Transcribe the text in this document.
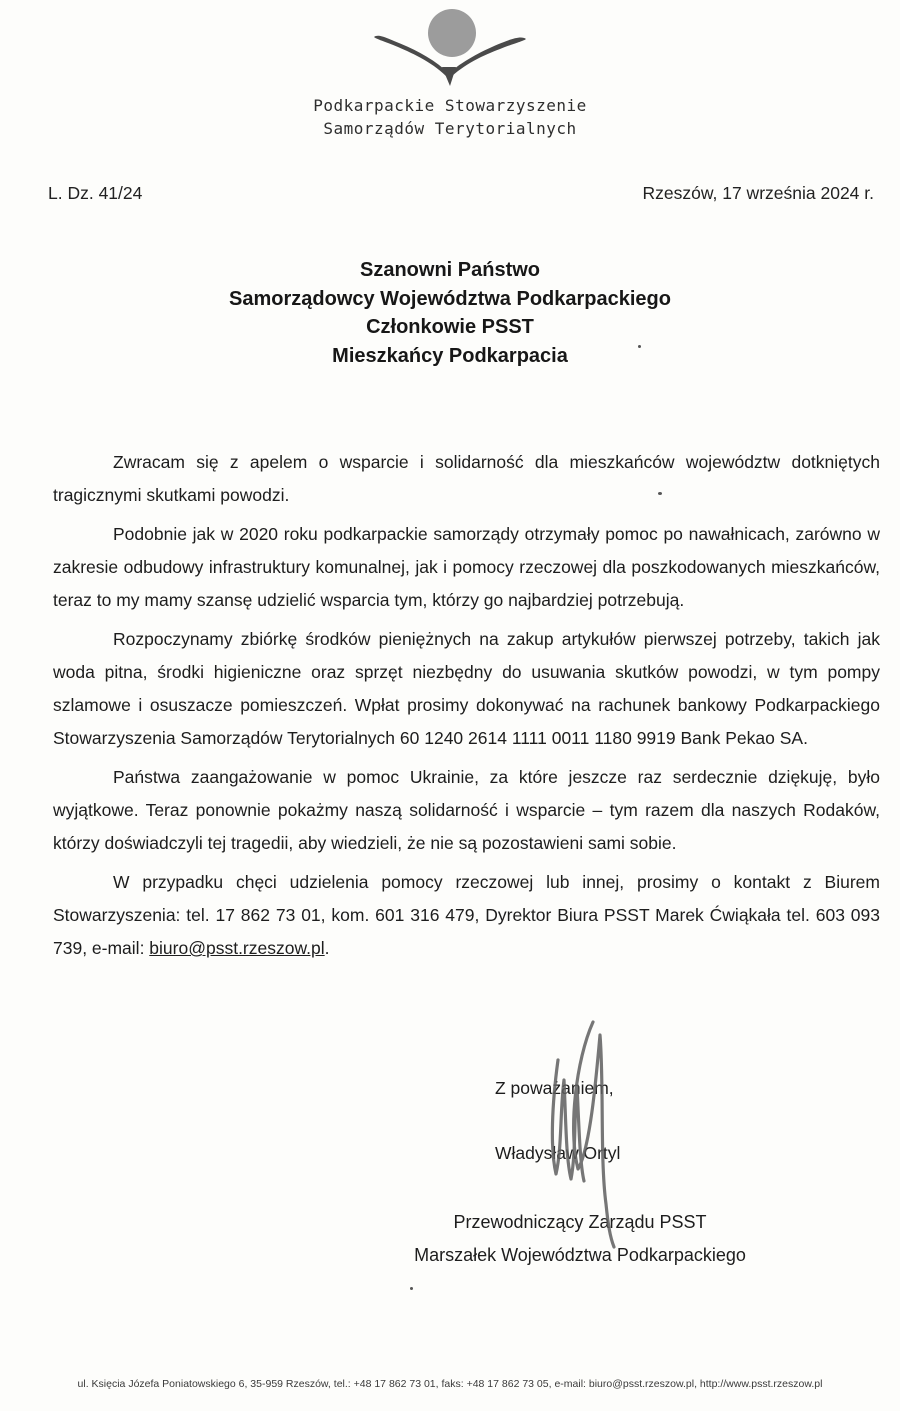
Podkarpackie Stowarzyszenie
Samorządów Terytorialnych
L. Dz. 41/24	Rzeszów, 17 września 2024 r.
Szanowni Państwo
Samorządowcy Województwa Podkarpackiego
Członkowie PSST
Mieszkańcy Podkarpacia

Zwracam się z apelem o wsparcie i solidarność dla mieszkańców województw dotkniętych tragicznymi skutkami powodzi.

Podobnie jak w 2020 roku podkarpackie samorządy otrzymały pomoc po nawałnicach, zarówno w zakresie odbudowy infrastruktury komunalnej, jak i pomocy rzeczowej dla poszkodowanych mieszkańców, teraz to my mamy szansę udzielić wsparcia tym, którzy go najbardziej potrzebują.

Rozpoczynamy zbiórkę środków pieniężnych na zakup artykułów pierwszej potrzeby, takich jak woda pitna, środki higieniczne oraz sprzęt niezbędny do usuwania skutków powodzi, w tym pompy szlamowe i osuszacze pomieszczeń. Wpłat prosimy dokonywać na rachunek bankowy Podkarpackiego Stowarzyszenia Samorządów Terytorialnych 60 1240 2614 1111 0011 1180 9919 Bank Pekao SA.

Państwa zaangażowanie w pomoc Ukrainie, za które jeszcze raz serdecznie dziękuję, było wyjątkowe. Teraz ponownie pokażmy naszą solidarność i wsparcie – tym razem dla naszych Rodaków, którzy doświadczyli tej tragedii, aby wiedzieli, że nie są pozostawieni sami sobie.

W przypadku chęci udzielenia pomocy rzeczowej lub innej, prosimy o kontakt z Biurem Stowarzyszenia: tel. 17 862 73 01, kom. 601 316 479, Dyrektor Biura PSST Marek Ćwiąkała tel. 603 093 739, e-mail: biuro@psst.rzeszow.pl.

Z poważaniem,
Władysław Ortyl
Przewodniczący Zarządu PSST
Marszałek Województwa Podkarpackiego
ul. Księcia Józefa Poniatowskiego 6, 35-959 Rzeszów, tel.: +48 17 862 73 01, faks: +48 17 862 73 05, e-mail: biuro@psst.rzeszow.pl, http://www.psst.rzeszow.pl
